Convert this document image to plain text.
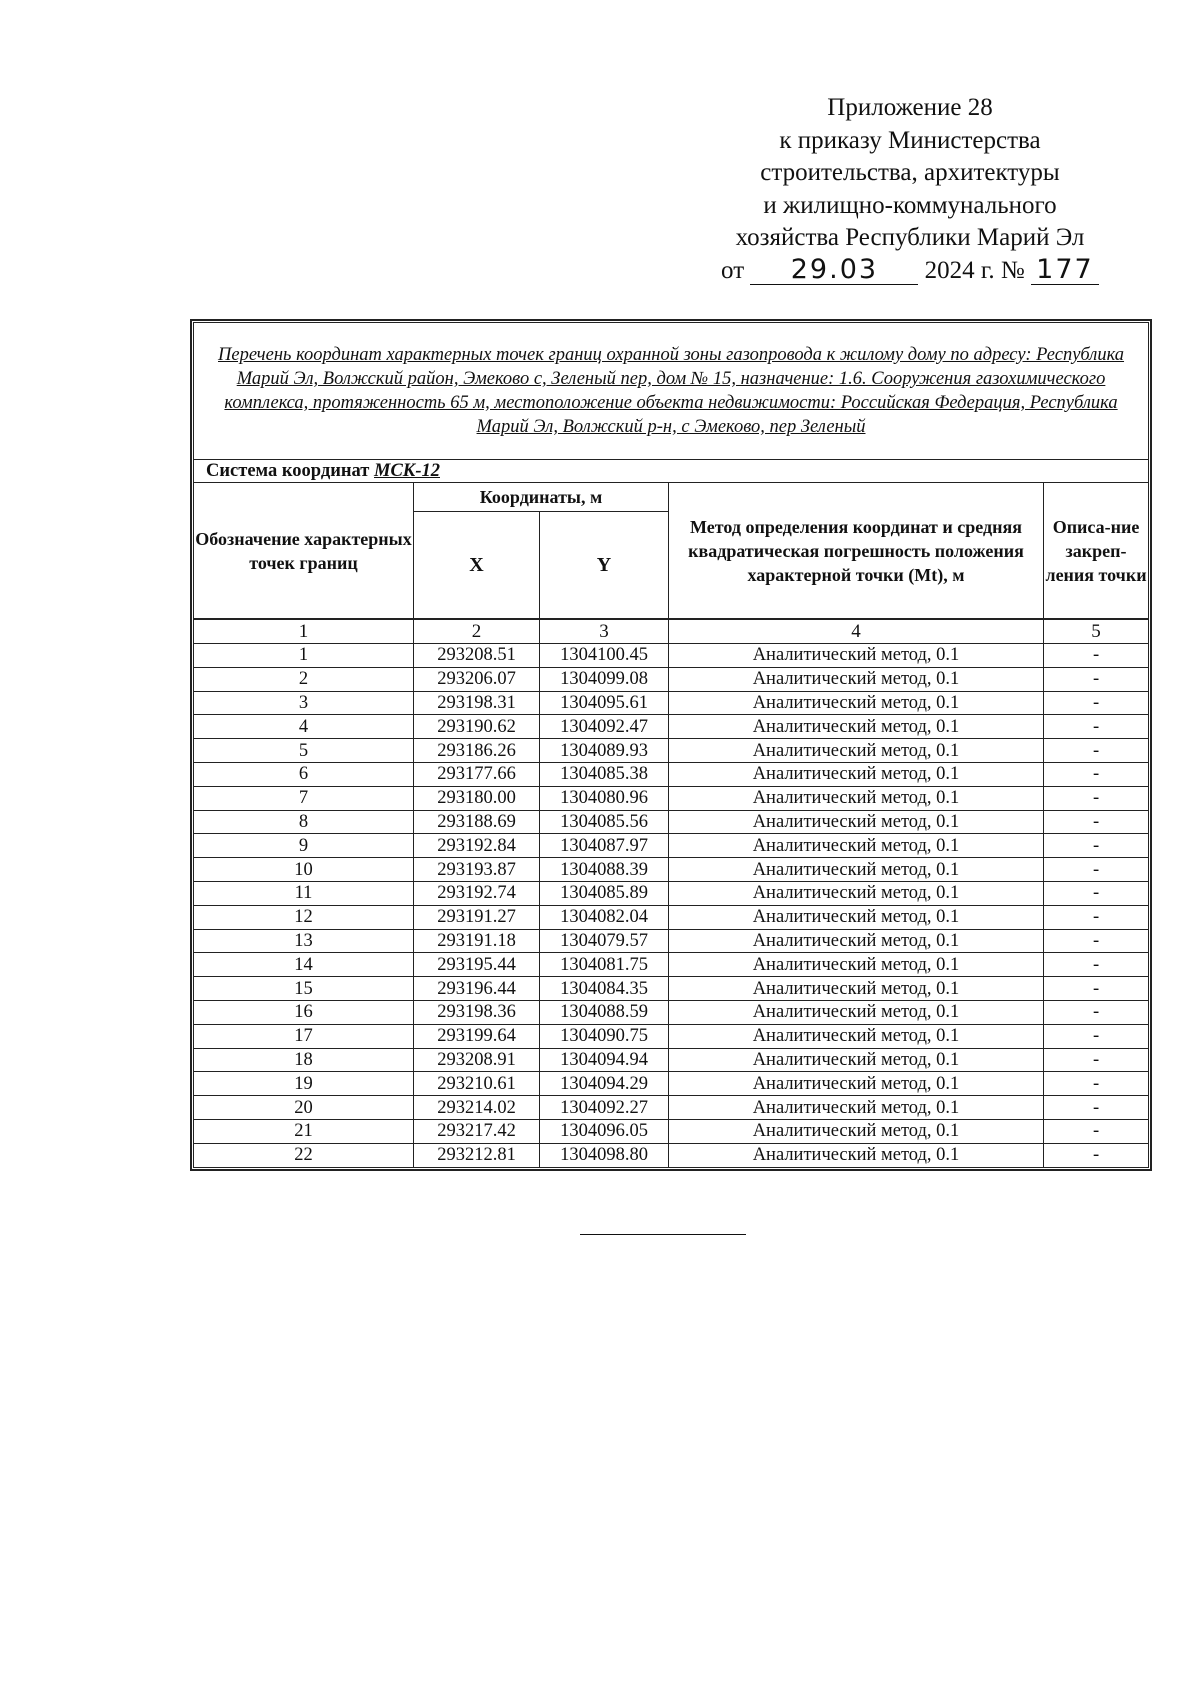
Приложение 28
к приказу Министерства
строительства, архитектуры
и жилищно-коммунального
хозяйства Республики Марий Эл
от 29.03 2024 г. № 177
Перечень координат характерных точек границ охранной зоны газопровода к жилому дому по адресу: Республика Марий Эл, Волжский район, Эмеково с, Зеленый пер, дом № 15, назначение: 1.6. Сооружения газохимического комплекса, протяженность 65 м, местоположение объекта недвижимости: Российская Федерация, Республика Марий Эл, Волжский р-н, с Эмеково, пер Зеленый				
Система координат МСК-12				
Обозначение характерных точек границ	Координаты, м		Метод определения координат и средняя квадратическая погрешность положения характерной точки (Mt), м	Описа-ние закреп-ления точки
	X	Y		

1	2	3	4	5
1	293208.51	1304100.45	Аналитический метод, 0.1	-
2	293206.07	1304099.08	Аналитический метод, 0.1	-
3	293198.31	1304095.61	Аналитический метод, 0.1	-
4	293190.62	1304092.47	Аналитический метод, 0.1	-
5	293186.26	1304089.93	Аналитический метод, 0.1	-
6	293177.66	1304085.38	Аналитический метод, 0.1	-
7	293180.00	1304080.96	Аналитический метод, 0.1	-
8	293188.69	1304085.56	Аналитический метод, 0.1	-
9	293192.84	1304087.97	Аналитический метод, 0.1	-
10	293193.87	1304088.39	Аналитический метод, 0.1	-
11	293192.74	1304085.89	Аналитический метод, 0.1	-
12	293191.27	1304082.04	Аналитический метод, 0.1	-
13	293191.18	1304079.57	Аналитический метод, 0.1	-
14	293195.44	1304081.75	Аналитический метод, 0.1	-
15	293196.44	1304084.35	Аналитический метод, 0.1	-
16	293198.36	1304088.59	Аналитический метод, 0.1	-
17	293199.64	1304090.75	Аналитический метод, 0.1	-
18	293208.91	1304094.94	Аналитический метод, 0.1	-
19	293210.61	1304094.29	Аналитический метод, 0.1	-
20	293214.02	1304092.27	Аналитический метод, 0.1	-
21	293217.42	1304096.05	Аналитический метод, 0.1	-
22	293212.81	1304098.80	Аналитический метод, 0.1	-
